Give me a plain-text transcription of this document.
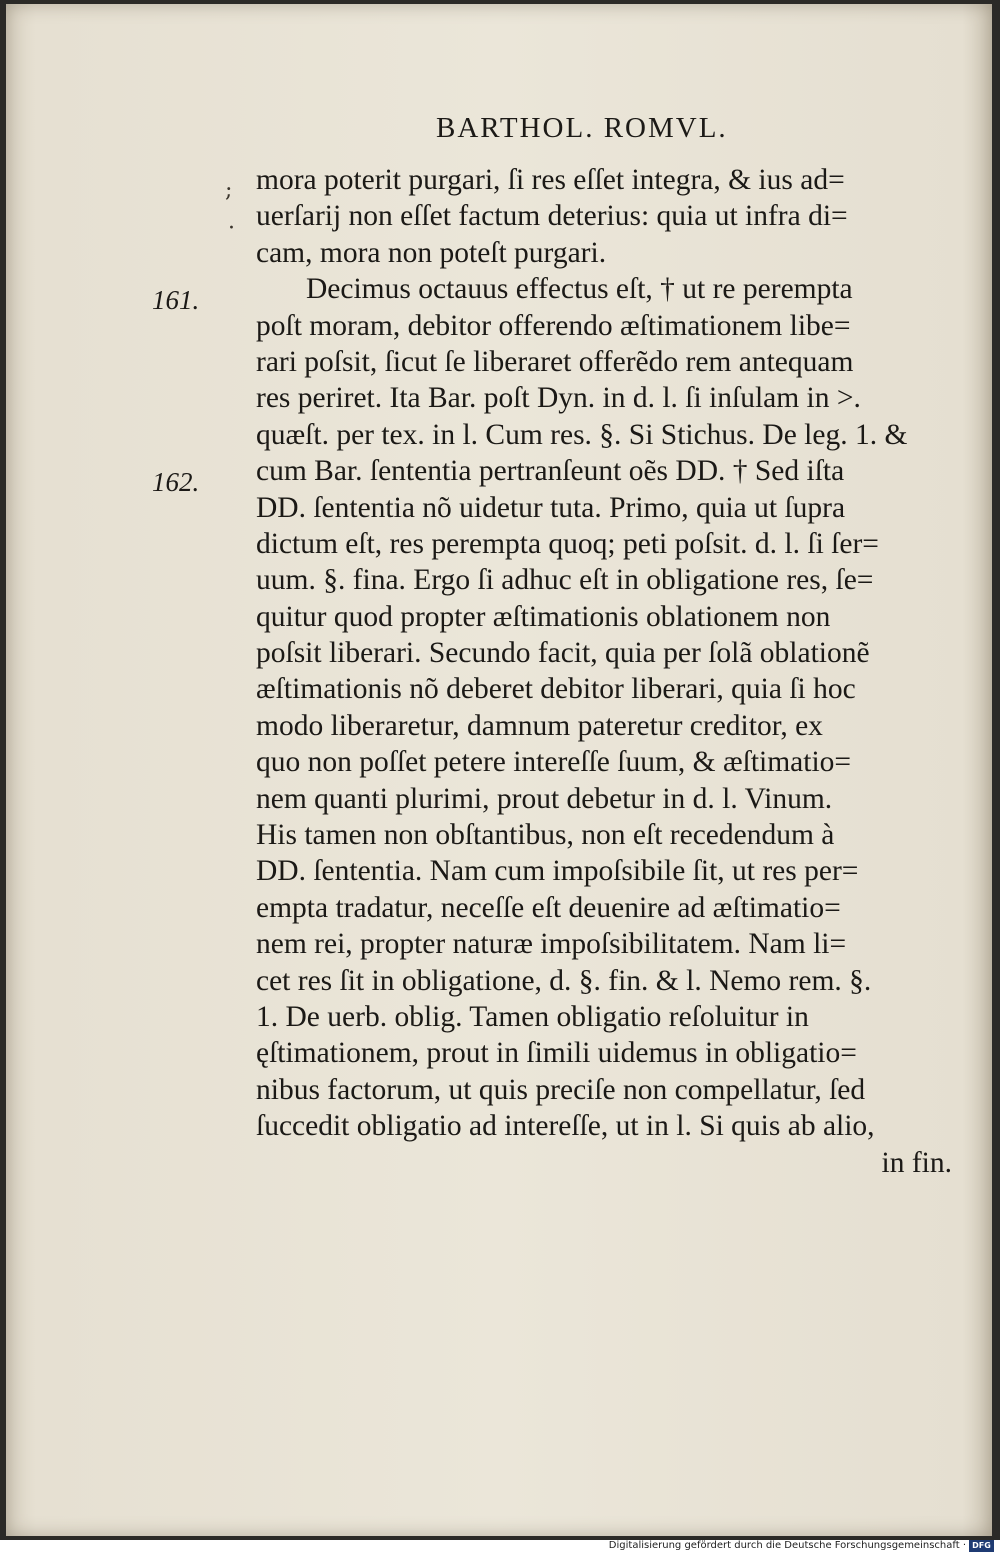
BARTHOL. ROMVL.
;
·
161.
162.
mora poterit purgari, ſi res eſſet integra, & ius ad=
uerſarij non eſſet factum deterius: quia ut infra di=
cam, mora non poteſt purgari.
Decimus octauus effectus eſt, † ut re perempta
poſt moram, debitor offerendo æſtimationem libe=
rari poſsit, ſicut ſe liberaret offerẽdo rem antequam
res periret. Ita Bar. poſt Dyn. in d. l. ſi inſulam in >.
quæſt. per tex. in l. Cum res. §. Si Stichus. De leg. 1. &
cum Bar. ſententia pertranſeunt oẽs DD. † Sed iſta
DD. ſententia nõ uidetur tuta. Primo, quia ut ſupra
dictum eſt, res perempta quoq; peti poſsit. d. l. ſi ſer=
uum. §. fina. Ergo ſi adhuc eſt in obligatione res, ſe=
quitur quod propter æſtimationis oblationem non
poſsit liberari. Secundo facit, quia per ſolã oblationẽ
æſtimationis nõ deberet debitor liberari, quia ſi hoc
modo liberaretur, damnum pateretur creditor, ex
quo non poſſet petere intereſſe ſuum, & æſtimatio=
nem quanti plurimi, prout debetur in d. l. Vinum.
His tamen non obſtantibus, non eſt recedendum à
DD. ſententia. Nam cum impoſsibile ſit, ut res per=
empta tradatur, neceſſe eſt deuenire ad æſtimatio=
nem rei, propter naturæ impoſsibilitatem. Nam li=
cet res ſit in obligatione, d. §. fin. & l. Nemo rem. §.
1. De uerb. oblig. Tamen obligatio reſoluitur in
ęſtimationem, prout in ſimili uidemus in obligatio=
nibus factorum, ut quis preciſe non compellatur, ſed
ſuccedit obligatio ad intereſſe, ut in l. Si quis ab alio,
in fin.
Digitalisierung gefördert durch die Deutsche Forschungsgemeinschaft · DFG
